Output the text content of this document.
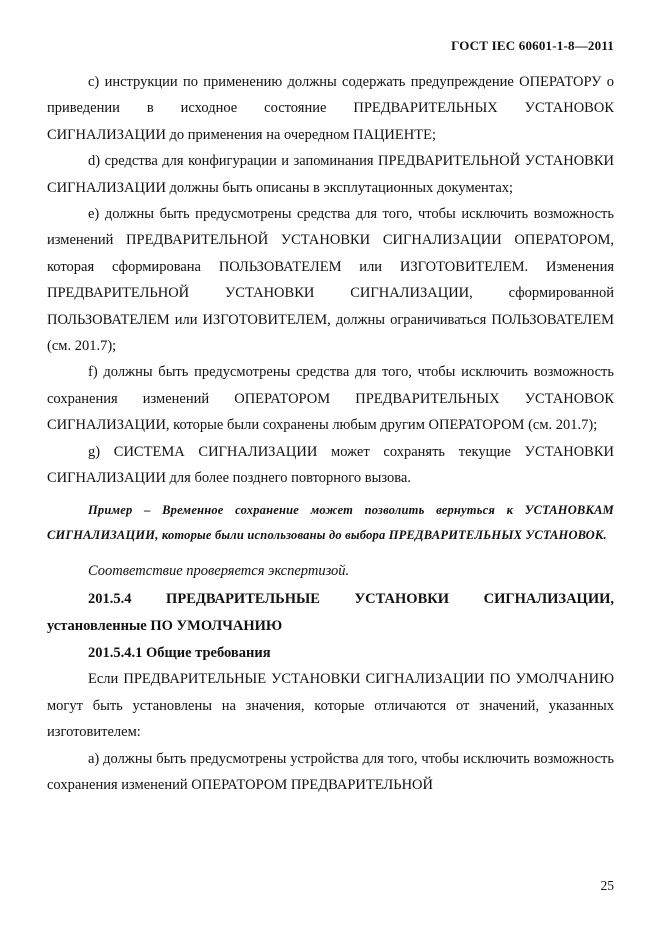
ГОСТ IEC 60601-1-8—2011

с) инструкции по применению должны содержать предупреждение ОПЕРАТОРУ о приведении в исходное состояние ПРЕДВАРИТЕЛЬНЫХ УСТАНОВОК СИГНАЛИЗАЦИИ до применения на очередном ПАЦИЕНТЕ;

d) средства для конфигурации и запоминания ПРЕДВАРИТЕЛЬНОЙ УСТАНОВКИ СИГНАЛИЗАЦИИ должны быть описаны в эксплутационных документах;

е) должны быть предусмотрены средства для того, чтобы исключить возможность изменений ПРЕДВАРИТЕЛЬНОЙ УСТАНОВКИ СИГНАЛИЗАЦИИ ОПЕРАТОРОМ, которая сформирована ПОЛЬЗОВАТЕЛЕМ или ИЗГОТОВИТЕЛЕМ. Изменения ПРЕДВАРИТЕЛЬНОЙ УСТАНОВКИ СИГНАЛИЗАЦИИ, сформированной ПОЛЬЗОВАТЕЛЕМ или ИЗГОТОВИТЕЛЕМ, должны ограничиваться ПОЛЬЗОВАТЕЛЕМ (см. 201.7);

f) должны быть предусмотрены средства для того, чтобы исключить возможность сохранения изменений ОПЕРАТОРОМ ПРЕДВАРИТЕЛЬНЫХ УСТАНОВОК СИГНАЛИЗАЦИИ, которые были сохранены любым другим ОПЕРАТОРОМ (см. 201.7);

g) СИСТЕМА СИГНАЛИЗАЦИИ может сохранять текущие УСТАНОВКИ СИГНАЛИЗАЦИИ для более позднего повторного вызова.

Пример – Временное сохранение может позволить вернуться к УСТАНОВКАМ СИГНАЛИЗАЦИИ, которые были использованы до выбора ПРЕДВАРИТЕЛЬНЫХ УСТАНОВОК.

Соответствие проверяется экспертизой.

201.5.4 ПРЕДВАРИТЕЛЬНЫЕ УСТАНОВКИ СИГНАЛИЗАЦИИ, установленные ПО УМОЛЧАНИЮ

201.5.4.1 Общие требования

Если ПРЕДВАРИТЕЛЬНЫЕ УСТАНОВКИ СИГНАЛИЗАЦИИ ПО УМОЛЧАНИЮ могут быть установлены на значения, которые отличаются от значений, указанных изготовителем:

а) должны быть предусмотрены устройства для того, чтобы исключить возможность сохранения изменений ОПЕРАТОРОМ ПРЕДВАРИТЕЛЬНОЙ

25
